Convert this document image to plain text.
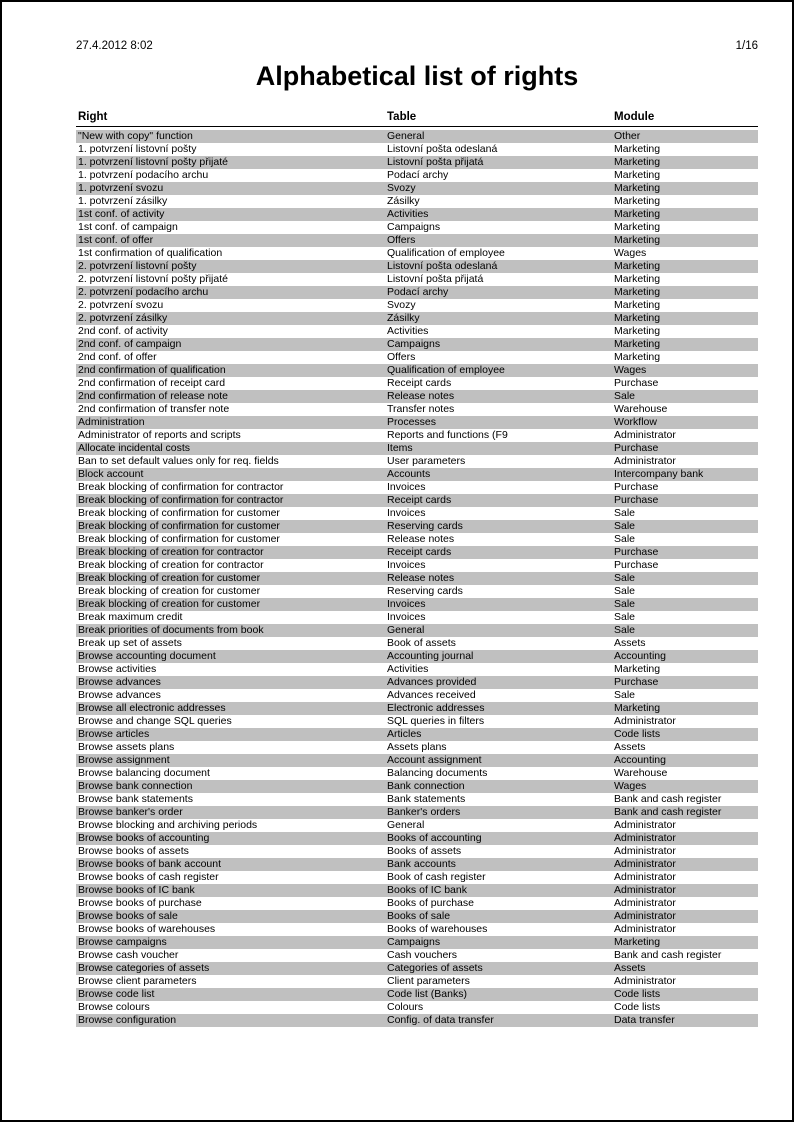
27.4.2012 8:02	1/16
Alphabetical list of rights
Right	Table	Module
"New with copy" function	General	Other
1. potvrzení listovní pošty	Listovní pošta odeslaná	Marketing
1. potvrzení listovní pošty přijaté	Listovní pošta přijatá	Marketing
1. potvrzení podacího archu	Podací archy	Marketing
1. potvrzení svozu	Svozy	Marketing
1. potvrzení zásilky	Zásilky	Marketing
1st conf. of activity	Activities	Marketing
1st conf. of campaign	Campaigns	Marketing
1st conf. of offer	Offers	Marketing
1st confirmation of qualification	Qualification of employee	Wages
2. potvrzení listovní pošty	Listovní pošta odeslaná	Marketing
2. potvrzení listovní pošty přijaté	Listovní pošta přijatá	Marketing
2. potvrzení podacího archu	Podací archy	Marketing
2. potvrzení svozu	Svozy	Marketing
2. potvrzení zásilky	Zásilky	Marketing
2nd conf. of activity	Activities	Marketing
2nd conf. of campaign	Campaigns	Marketing
2nd conf. of offer	Offers	Marketing
2nd confirmation of qualification	Qualification of employee	Wages
2nd confirmation of receipt card	Receipt cards	Purchase
2nd confirmation of release note	Release notes	Sale
2nd confirmation of transfer note	Transfer notes	Warehouse
Administration	Processes	Workflow
Administrator of reports and scripts	Reports and functions (F9	Administrator
Allocate incidental costs	Items	Purchase
Ban to set default values only for req. fields	User parameters	Administrator
Block account	Accounts	Intercompany bank
Break blocking of confirmation for contractor	Invoices	Purchase
Break blocking of confirmation for contractor	Receipt cards	Purchase
Break blocking of confirmation for customer	Invoices	Sale
Break blocking of confirmation for customer	Reserving cards	Sale
Break blocking of confirmation for customer	Release notes	Sale
Break blocking of creation for contractor	Receipt cards	Purchase
Break blocking of creation for contractor	Invoices	Purchase
Break blocking of creation for customer	Release notes	Sale
Break blocking of creation for customer	Reserving cards	Sale
Break blocking of creation for customer	Invoices	Sale
Break maximum credit	Invoices	Sale
Break priorities of documents from book	General	Sale
Break up set of assets	Book of assets	Assets
Browse accounting document	Accounting journal	Accounting
Browse activities	Activities	Marketing
Browse advances	Advances provided	Purchase
Browse advances	Advances received	Sale
Browse all electronic addresses	Electronic addresses	Marketing
Browse and change SQL queries	SQL queries in filters	Administrator
Browse articles	Articles	Code lists
Browse assets plans	Assets plans	Assets
Browse assignment	Account assignment	Accounting
Browse balancing document	Balancing documents	Warehouse
Browse bank connection	Bank connection	Wages
Browse bank statements	Bank statements	Bank and cash register
Browse banker's order	Banker's orders	Bank and cash register
Browse blocking and archiving periods	General	Administrator
Browse books of accounting	Books of accounting	Administrator
Browse books of assets	Books of assets	Administrator
Browse books of bank account	Bank accounts	Administrator
Browse books of cash register	Book of cash register	Administrator
Browse books of IC bank	Books of IC bank	Administrator
Browse books of purchase	Books of purchase	Administrator
Browse books of sale	Books of sale	Administrator
Browse books of warehouses	Books of warehouses	Administrator
Browse campaigns	Campaigns	Marketing
Browse cash voucher	Cash vouchers	Bank and cash register
Browse categories of assets	Categories of assets	Assets
Browse client parameters	Client parameters	Administrator
Browse code list	Code list (Banks)	Code lists
Browse colours	Colours	Code lists
Browse configuration	Config. of data transfer	Data transfer
